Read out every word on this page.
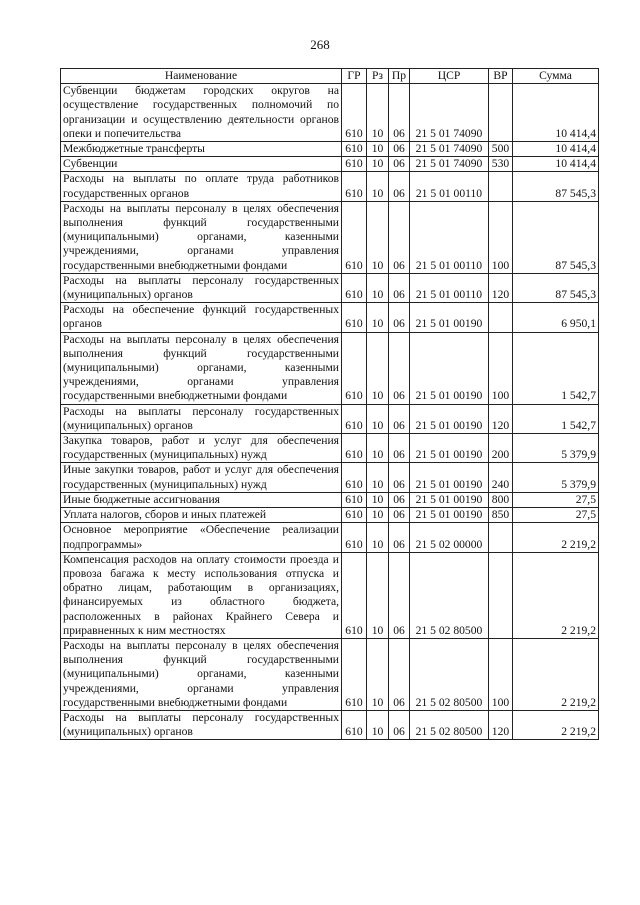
268
Наименование	ГР	Рз	Пр	ЦСР	ВР	Сумма
Субвенции бюджетам городских округов на осуществление государственных полномочий по организации и осуществлению деятельности органов опеки и попечительства	610	10	06	21 5 01 74090		10 414,4
Межбюджетные трансферты	610	10	06	21 5 01 74090	500	10 414,4
Субвенции	610	10	06	21 5 01 74090	530	10 414,4
Расходы на выплаты по оплате труда работников государственных органов	610	10	06	21 5 01 00110		87 545,3
Расходы на выплаты персоналу в целях обеспечения выполнения функций государственными (муниципальными) органами, казенными учреждениями, органами управления государственными внебюджетными фондами	610	10	06	21 5 01 00110	100	87 545,3
Расходы на выплаты персоналу государственных (муниципальных) органов	610	10	06	21 5 01 00110	120	87 545,3
Расходы на обеспечение функций государственных органов	610	10	06	21 5 01 00190		6 950,1
Расходы на выплаты персоналу в целях обеспечения выполнения функций государственными (муниципальными) органами, казенными учреждениями, органами управления государственными внебюджетными фондами	610	10	06	21 5 01 00190	100	1 542,7
Расходы на выплаты персоналу государственных (муниципальных) органов	610	10	06	21 5 01 00190	120	1 542,7
Закупка товаров, работ и услуг для обеспечения государственных (муниципальных) нужд	610	10	06	21 5 01 00190	200	5 379,9
Иные закупки товаров, работ и услуг для обеспечения государственных (муниципальных) нужд	610	10	06	21 5 01 00190	240	5 379,9
Иные бюджетные ассигнования	610	10	06	21 5 01 00190	800	27,5
Уплата налогов, сборов и иных платежей	610	10	06	21 5 01 00190	850	27,5
Основное мероприятие «Обеспечение реализации подпрограммы»	610	10	06	21 5 02 00000		2 219,2
Компенсация расходов на оплату стоимости проезда и провоза багажа к месту использования отпуска и обратно лицам, работающим в организациях, финансируемых из областного бюджета, расположенных в районах Крайнего Севера и приравненных к ним местностях	610	10	06	21 5 02 80500		2 219,2
Расходы на выплаты персоналу в целях обеспечения выполнения функций государственными (муниципальными) органами, казенными учреждениями, органами управления государственными внебюджетными фондами	610	10	06	21 5 02 80500	100	2 219,2
Расходы на выплаты персоналу государственных (муниципальных) органов	610	10	06	21 5 02 80500	120	2 219,2
